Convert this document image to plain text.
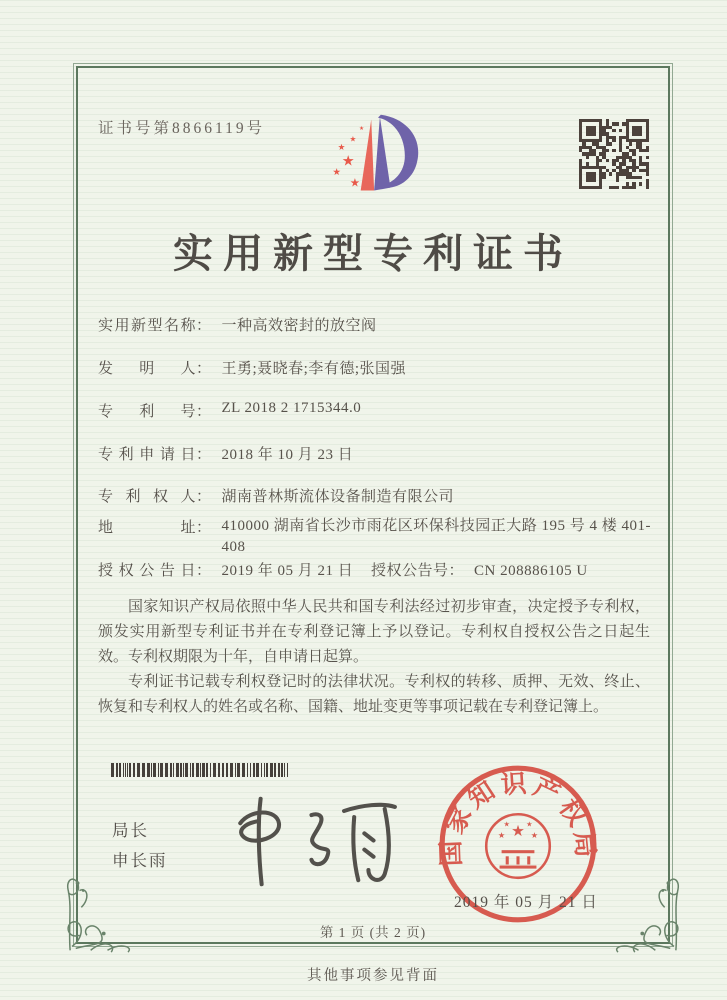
证书号第8866119号
★
★
★
★
★
★
实用新型专利证书
实用新型名称： 一种高效密封的放空阀
发明人： 王勇;聂晓春;李有德;张国强
专利号： ZL 2018 2 1715344.0
专利申请日： 2018 年 10 月 23 日
专利权人： 湖南普林斯流体设备制造有限公司
地址： 410000 湖南省长沙市雨花区环保科技园正大路 195 号 4 楼 401-408
授权公告日： 2019 年 05 月 21 日 授权公告号： CN 208886105 U

国家知识产权局依照中华人民共和国专利法经过初步审查，决定授予专利权，颁发实用新型专利证书并在专利登记簿上予以登记。专利权自授权公告之日起生效。专利权期限为十年，自申请日起算。

专利证书记载专利权登记时的法律状况。专利权的转移、质押、无效、终止、恢复和专利权人的姓名或名称、国籍、地址变更等事项记载在专利登记簿上。

局长
申长雨	国家知识产权局
★
★	★
★ ★
2019 年 05 月 21 日
第 1 页 (共 2 页)
其他事项参见背面
